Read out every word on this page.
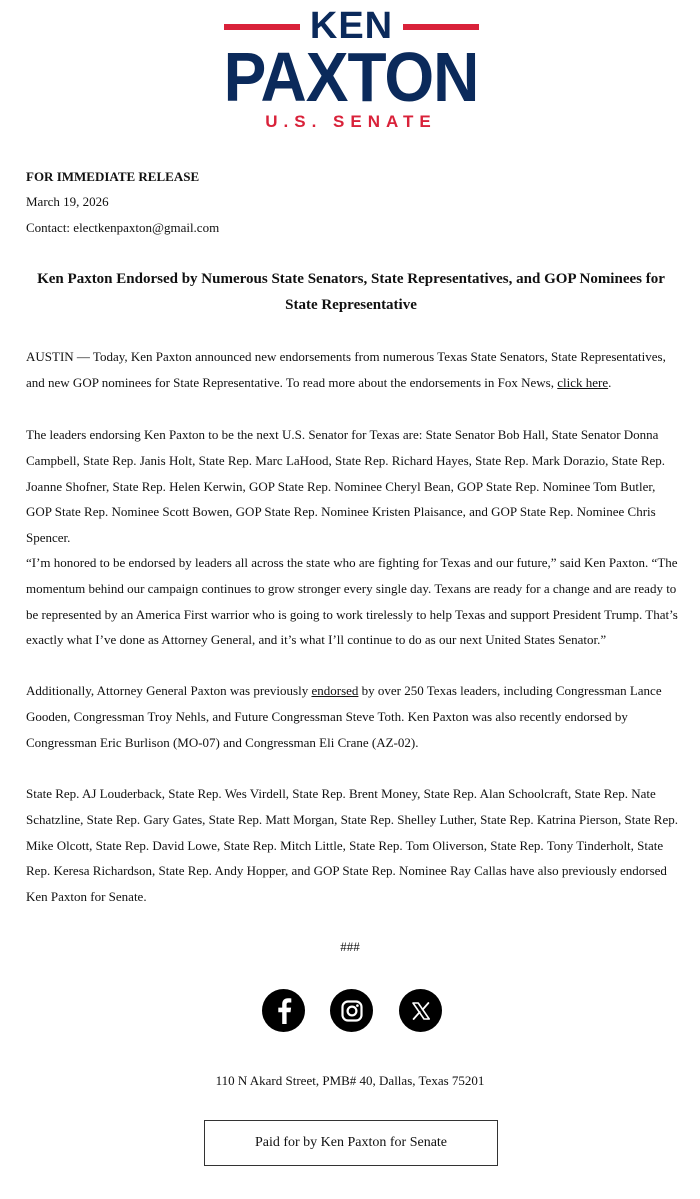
KEN
PAXTON
U.S. SENATE
FOR IMMEDIATE RELEASE
March 19, 2026
Contact: electkenpaxton@gmail.com
Ken Paxton Endorsed by Numerous State Senators, State Representatives, and GOP Nominees for State Representative

AUSTIN — Today, Ken Paxton announced new endorsements from numerous Texas State Senators, State Representatives, and new GOP nominees for State Representative. To read more about the endorsements in Fox News, click here.

The leaders endorsing Ken Paxton to be the next U.S. Senator for Texas are: State Senator Bob Hall, State Senator Donna Campbell, State Rep. Janis Holt, State Rep. Marc LaHood, State Rep. Richard Hayes, State Rep. Mark Dorazio, State Rep. Joanne Shofner, State Rep. Helen Kerwin, GOP State Rep. Nominee Cheryl Bean, GOP State Rep. Nominee Tom Butler, GOP State Rep. Nominee Scott Bowen, GOP State Rep. Nominee Kristen Plaisance, and GOP State Rep. Nominee Chris Spencer.

“I’m honored to be endorsed by leaders all across the state who are fighting for Texas and our future,” said Ken Paxton. “The momentum behind our campaign continues to grow stronger every single day. Texans are ready for a change and are ready to be represented by an America First warrior who is going to work tirelessly to help Texas and support President Trump. That’s exactly what I’ve done as Attorney General, and it’s what I’ll continue to do as our next United States Senator.”

Additionally, Attorney General Paxton was previously endorsed by over 250 Texas leaders, including Congressman Lance Gooden, Congressman Troy Nehls, and Future Congressman Steve Toth. Ken Paxton was also recently endorsed by Congressman Eric Burlison (MO-07) and Congressman Eli Crane (AZ-02).

State Rep. AJ Louderback, State Rep. Wes Virdell, State Rep. Brent Money, State Rep. Alan Schoolcraft, State Rep. Nate Schatzline, State Rep. Gary Gates, State Rep. Matt Morgan, State Rep. Shelley Luther, State Rep. Katrina Pierson, State Rep. Mike Olcott, State Rep. David Lowe, State Rep. Mitch Little, State Rep. Tom Oliverson, State Rep. Tony Tinderholt, State Rep. Keresa Richardson, State Rep. Andy Hopper, and GOP State Rep. Nominee Ray Callas have also previously endorsed Ken Paxton for Senate.

###
110 N Akard Street, PMB# 40, Dallas, Texas 75201
Paid for by Ken Paxton for Senate
